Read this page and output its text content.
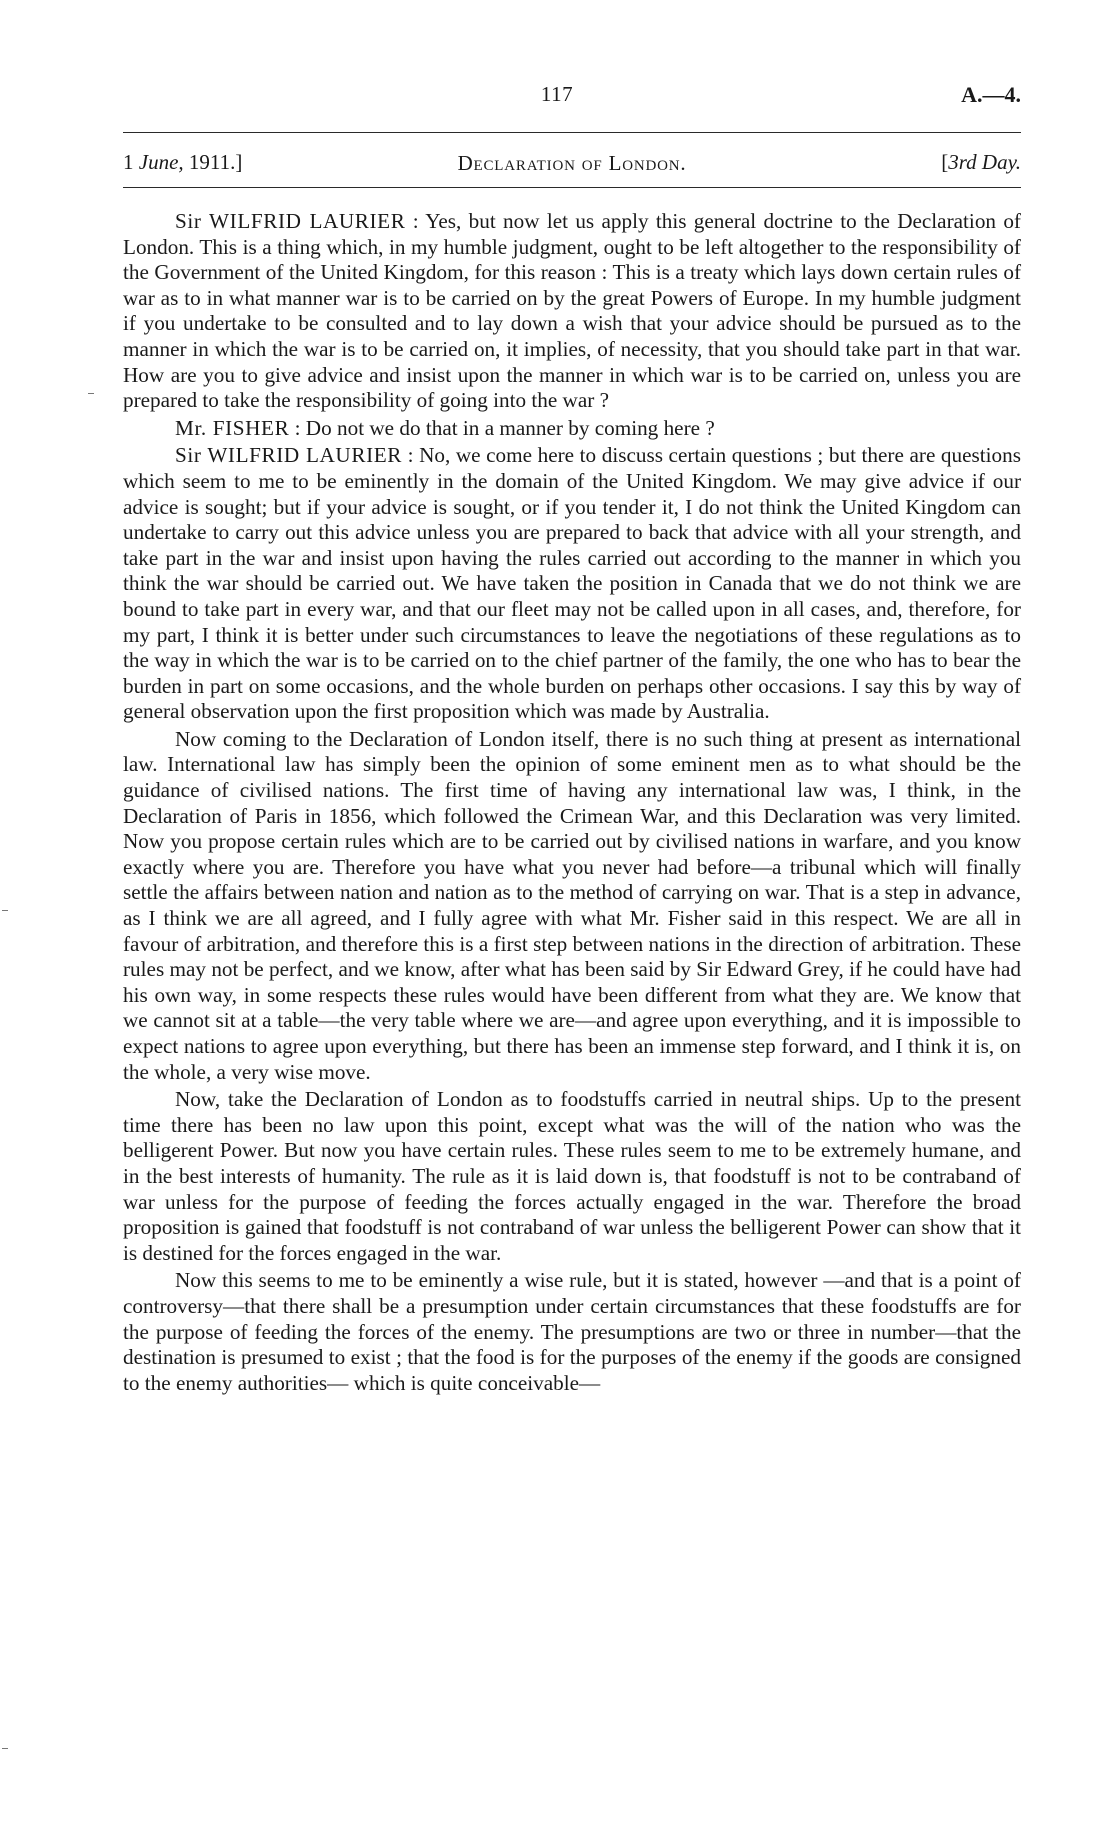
117	A.—4.
1 June, 1911.]	Declaration of London.	[3rd Day.

Sir WILFRID LAURIER : Yes, but now let us apply this general doctrine to the Declaration of London. This is a thing which, in my humble judgment, ought to be left altogether to the responsibility of the Government of the United Kingdom, for this reason : This is a treaty which lays down certain rules of war as to in what manner war is to be carried on by the great Powers of Europe. In my humble judgment if you undertake to be consulted and to lay down a wish that your advice should be pursued as to the manner in which the war is to be carried on, it implies, of necessity, that you should take part in that war. How are you to give advice and insist upon the manner in which war is to be carried on, unless you are prepared to take the responsibility of going into the war ?

Mr. FISHER : Do not we do that in a manner by coming here ?

Sir WILFRID LAURIER : No, we come here to discuss certain questions ; but there are questions which seem to me to be eminently in the domain of the United Kingdom. We may give advice if our advice is sought; but if your advice is sought, or if you tender it, I do not think the United Kingdom can undertake to carry out this advice unless you are prepared to back that advice with all your strength, and take part in the war and insist upon having the rules carried out according to the manner in which you think the war should be carried out. We have taken the position in Canada that we do not think we are bound to take part in every war, and that our fleet may not be called upon in all cases, and, therefore, for my part, I think it is better under such circumstances to leave the negotiations of these regulations as to the way in which the war is to be carried on to the chief partner of the family, the one who has to bear the burden in part on some occasions, and the whole burden on perhaps other occasions. I say this by way of general observation upon the first proposition which was made by Australia.

Now coming to the Declaration of London itself, there is no such thing at present as international law. International law has simply been the opinion of some eminent men as to what should be the guidance of civilised nations. The first time of having any international law was, I think, in the Declaration of Paris in 1856, which followed the Crimean War, and this Declaration was very limited. Now you propose certain rules which are to be carried out by civilised nations in warfare, and you know exactly where you are. Therefore you have what you never had before—a tribunal which will finally settle the affairs between nation and nation as to the method of carrying on war. That is a step in advance, as I think we are all agreed, and I fully agree with what Mr. Fisher said in this respect. We are all in favour of arbitration, and therefore this is a first step between nations in the direction of arbitration. These rules may not be perfect, and we know, after what has been said by Sir Edward Grey, if he could have had his own way, in some respects these rules would have been different from what they are. We know that we cannot sit at a table—the very table where we are—and agree upon everything, and it is impossible to expect nations to agree upon everything, but there has been an immense step forward, and I think it is, on the whole, a very wise move.

Now, take the Declaration of London as to foodstuffs carried in neutral ships. Up to the present time there has been no law upon this point, except what was the will of the nation who was the belligerent Power. But now you have certain rules. These rules seem to me to be extremely humane, and in the best interests of humanity. The rule as it is laid down is, that foodstuff is not to be contraband of war unless for the purpose of feeding the forces actually engaged in the war. Therefore the broad proposition is gained that foodstuff is not contraband of war unless the belligerent Power can show that it is destined for the forces engaged in the war.

Now this seems to me to be eminently a wise rule, but it is stated, however —and that is a point of controversy—that there shall be a presumption under certain circumstances that these foodstuffs are for the purpose of feeding the forces of the enemy. The presumptions are two or three in number—that the destination is presumed to exist ; that the food is for the purposes of the enemy if the goods are consigned to the enemy authorities— which is quite conceivable—
